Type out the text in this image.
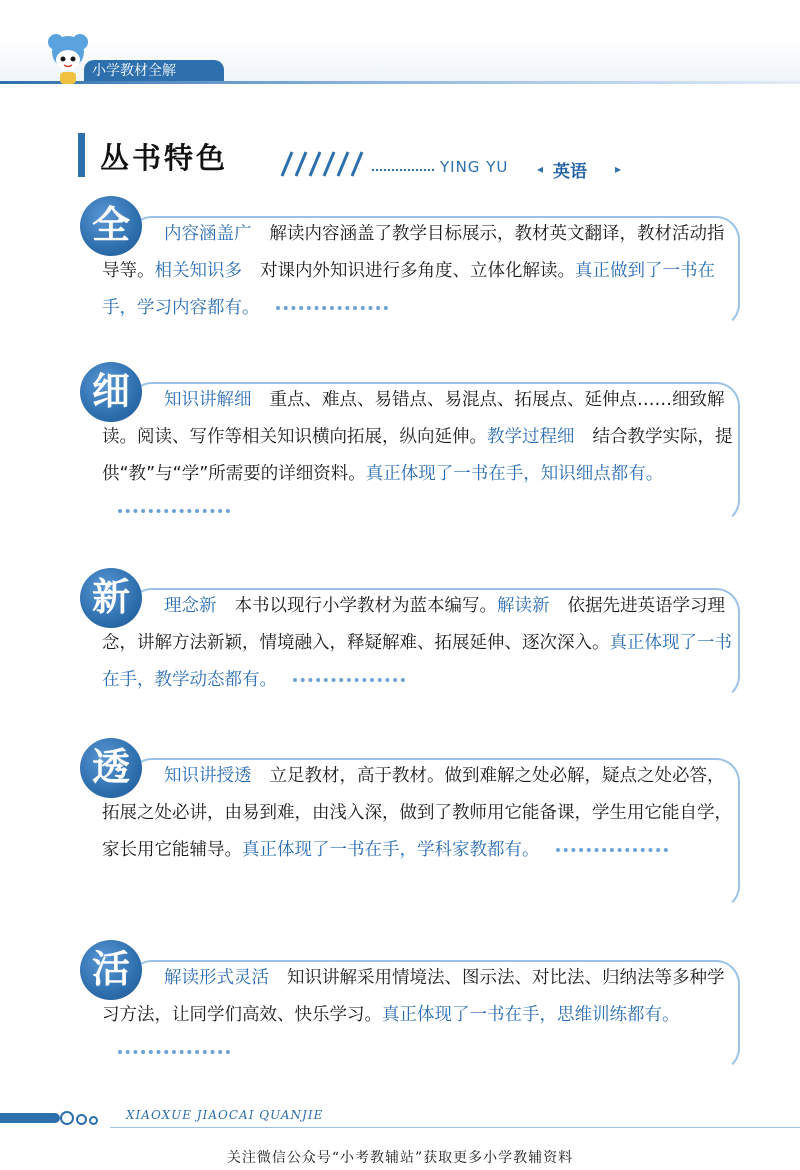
小学教材全解
丛书特色	YING YU ◂ 英语 ▸
全	内容涵盖广 解读内容涵盖了教学目标展示，教材英文翻译，教材活动指导等。相关知识多 对课内外知识进行多角度、立体化解读。真正做到了一书在手，学习内容都有。
细	知识讲解细 重点、难点、易错点、易混点、拓展点、延伸点……细致解读。阅读、写作等相关知识横向拓展，纵向延伸。教学过程细 结合教学实际，提供“教”与“学”所需要的详细资料。真正体现了一书在手，知识细点都有。
新	理念新 本书以现行小学教材为蓝本编写。解读新 依据先进英语学习理念，讲解方法新颖，情境融入，释疑解难、拓展延伸、逐次深入。真正体现了一书在手，教学动态都有。
透	知识讲授透 立足教材，高于教材。做到难解之处必解，疑点之处必答，拓展之处必讲，由易到难，由浅入深，做到了教师用它能备课，学生用它能自学，家长用它能辅导。真正体现了一书在手，学科家教都有。
活	解读形式灵活 知识讲解采用情境法、图示法、对比法、归纳法等多种学习方法，让同学们高效、快乐学习。真正体现了一书在手，思维训练都有。
XIAOXUE JIAOCAI QUANJIE
关注微信公众号“小考教辅站”获取更多小学教辅资料
